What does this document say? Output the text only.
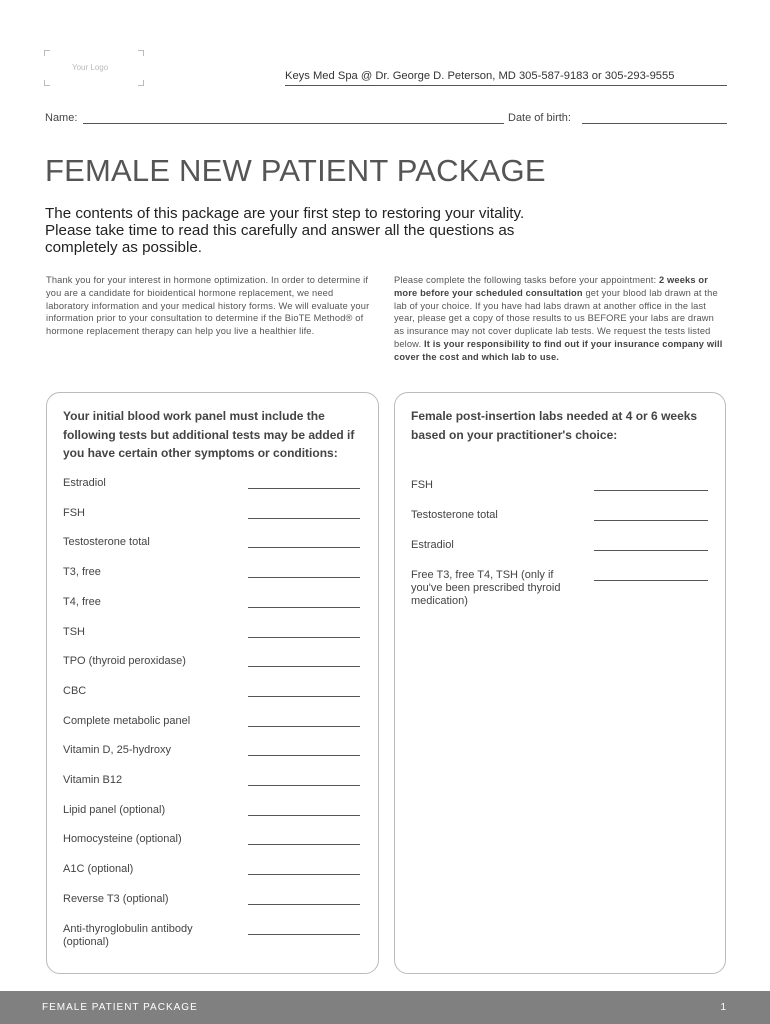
Your Logo
Keys Med Spa @ Dr. George D. Peterson, MD 305-587-9183 or 305-293-9555
Name:	Date of birth:
FEMALE NEW PATIENT PACKAGE
The contents of this package are your first step to restoring your vitality. Please take time to read this carefully and answer all the questions as completely as possible.
Thank you for your interest in hormone optimization. In order to determine if you are a candidate for bioidentical hormone replacement, we need laboratory information and your medical history forms. We will evaluate your information prior to your consultation to determine if the BioTE Method® of hormone replacement therapy can help you live a healthier life.
Please complete the following tasks before your appointment: 2 weeks or more before your scheduled consultation get your blood lab drawn at the lab of your choice. If you have had labs drawn at another office in the last year, please get a copy of those results to us BEFORE your labs are drawn as insurance may not cover duplicate lab tests. We request the tests listed below. It is your responsibility to find out if your insurance company will cover the cost and which lab to use.
Your initial blood work panel must include the following tests but additional tests may be added if you have certain other symptoms or conditions:
Estradiol
FSH
Testosterone total
T3, free
T4, free
TSH
TPO (thyroid peroxidase)
CBC
Complete metabolic panel
Vitamin D, 25-hydroxy
Vitamin B12
Lipid panel (optional)
Homocysteine (optional)
A1C (optional)
Reverse T3 (optional)
Anti-thyroglobulin antibody (optional)
Female post-insertion labs needed at 4 or 6 weeks based on your practitioner's choice:
FSH
Testosterone total
Estradiol
Free T3, free T4, TSH (only if you've been prescribed thyroid medication)
FEMALE PATIENT PACKAGE	1
